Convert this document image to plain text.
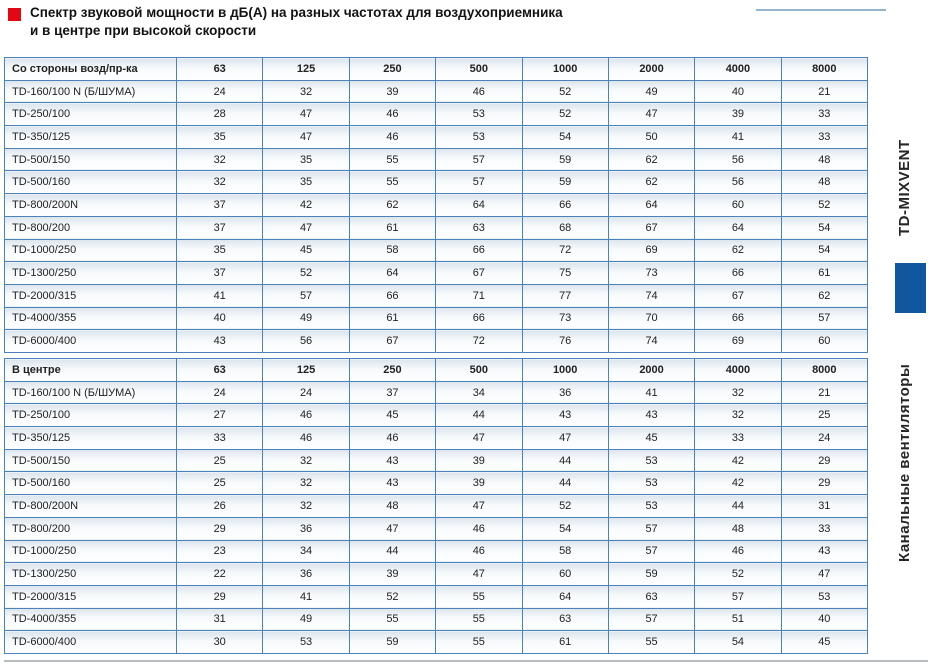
Спектр звуковой мощности в дБ(А) на разных частотах для воздухоприемника
и в центре при высокой скорости
Со стороны возд/пр-ка	63	125	250	500	1000	2000	4000	8000
TD-160/100 N (Б/ШУМА)	24	32	39	46	52	49	40	21
TD-250/100	28	47	46	53	52	47	39	33
TD-350/125	35	47	46	53	54	50	41	33
TD-500/150	32	35	55	57	59	62	56	48
TD-500/160	32	35	55	57	59	62	56	48
TD-800/200N	37	42	62	64	66	64	60	52
TD-800/200	37	47	61	63	68	67	64	54
TD-1000/250	35	45	58	66	72	69	62	54
TD-1300/250	37	52	64	67	75	73	66	61
TD-2000/315	41	57	66	71	77	74	67	62
TD-4000/355	40	49	61	66	73	70	66	57
TD-6000/400	43	56	67	72	76	74	69	60
В центре	63	125	250	500	1000	2000	4000	8000
TD-160/100 N (Б/ШУМА)	24	24	37	34	36	41	32	21
TD-250/100	27	46	45	44	43	43	32	25
TD-350/125	33	46	46	47	47	45	33	24
TD-500/150	25	32	43	39	44	53	42	29
TD-500/160	25	32	43	39	44	53	42	29
TD-800/200N	26	32	48	47	52	53	44	31
TD-800/200	29	36	47	46	54	57	48	33
TD-1000/250	23	34	44	46	58	57	46	43
TD-1300/250	22	36	39	47	60	59	52	47
TD-2000/315	29	41	52	55	64	63	57	53
TD-4000/355	31	49	55	55	63	57	51	40
TD-6000/400	30	53	59	55	61	55	54	45
TD-MIXVENT
Канальные вентиляторы
